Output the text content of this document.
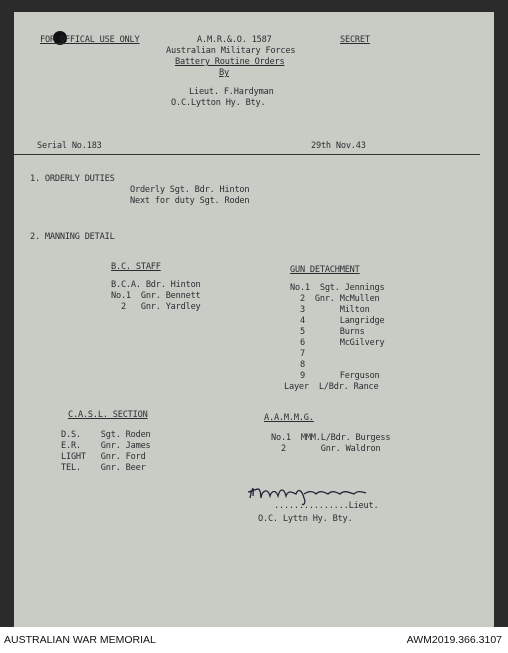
FOR OFFICAL USE ONLY	A.M.R.&.O. 1587	SECRET
Australian Military Forces
Battery Routine Orders
By
Lieut. F.Hardyman
O.C.Lytton Hy. Bty.
Serial No.183	29th Nov.43
1. ORDERLY DUTIES
Orderly Sgt. Bdr. Hinton
Next for duty Sgt. Roden
2. MANNING DETAIL
B.C. STAFF
B.C.A. Bdr. Hinton
No.1  Gnr. Bennett
2   Gnr. Yardley
GUN DETACHMENT
No.1  Sgt. Jennings
2  Gnr. McMullen
3       Milton
4       Langridge
5       Burns
6       McGilvery
7
8
9       Ferguson
Layer  L/Bdr. Rance
C.A.S.L. SECTION
D.S.    Sgt. Roden
E.R.    Gnr. James
LIGHT   Gnr. Ford
TEL.    Gnr. Beer
A.A.M.M.G.
No.1  MMM.L/Bdr. Burgess
2       Gnr. Waldron
...............Lieut.
O.C. Lyttn Hy. Bty.
AUSTRALIAN WAR MEMORIAL	AWM2019.366.3107
